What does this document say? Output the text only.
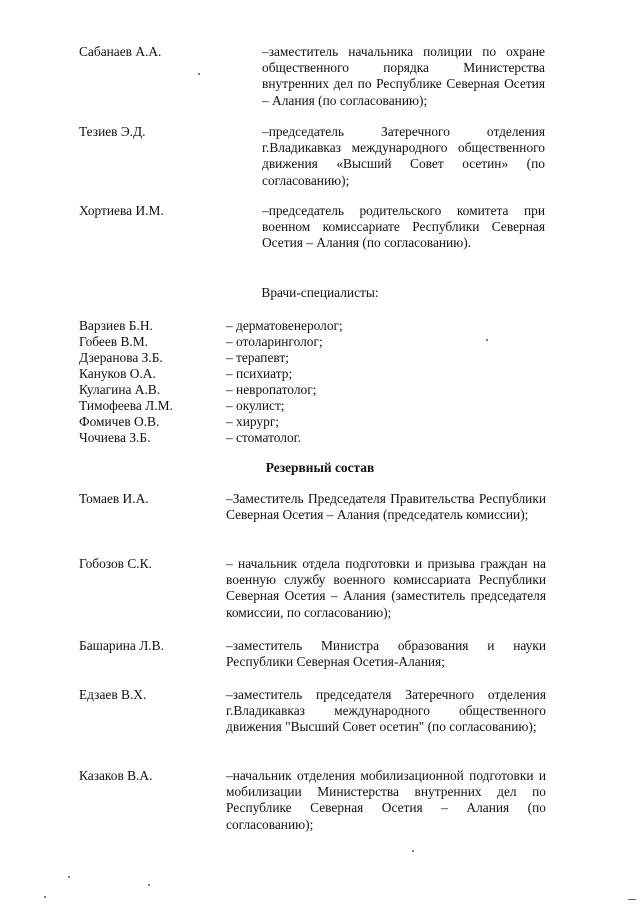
Сабанаев А.А.	–заместитель начальника полиции по охране общественного порядка Министерства внутренних дел по Республике Северная Осетия – Алания (по согласованию);
Тезиев Э.Д.	–председатель Затеречного отделения г.Владикавказ международного общественного движения «Высший Совет осетин» (по согласованию);
Хортиева И.М.	–председатель родительского комитета при военном комиссариате Республики Северная Осетия – Алания (по согласованию).
Врачи-специалисты:
Варзиев Б.Н.	– дерматовенеролог;
Гобеев В.М.	– отоларинголог;
Дзеранова З.Б.	– терапевт;
Кануков О.А.	– психиатр;
Кулагина А.В.	– невропатолог;
Тимофеева Л.М.	– окулист;
Фомичев О.В.	– хирург;
Чочиева З.Б.	– стоматолог.
Резервный состав
Томаев И.А.	–Заместитель Председателя Правительства Республики Северная Осетия – Алания (председатель комиссии);
Гобозов С.К.	– начальник отдела подготовки и призыва граждан на военную службу военного комиссариата Республики Северная Осетия – Алания (заместитель председателя комиссии, по согласованию);
Башарина Л.В.	–заместитель Министра образования и науки Республики Северная Осетия-Алания;
Едзаев В.Х.	–заместитель председателя Затеречного отделения г.Владикавказ международного общественного движения "Высший Совет осетин" (по согласованию);
Казаков В.А.	–начальник отделения мобилизационной подготовки и мобилизации Министерства внутренних дел по Республике Северная Осетия – Алания (по согласованию);
